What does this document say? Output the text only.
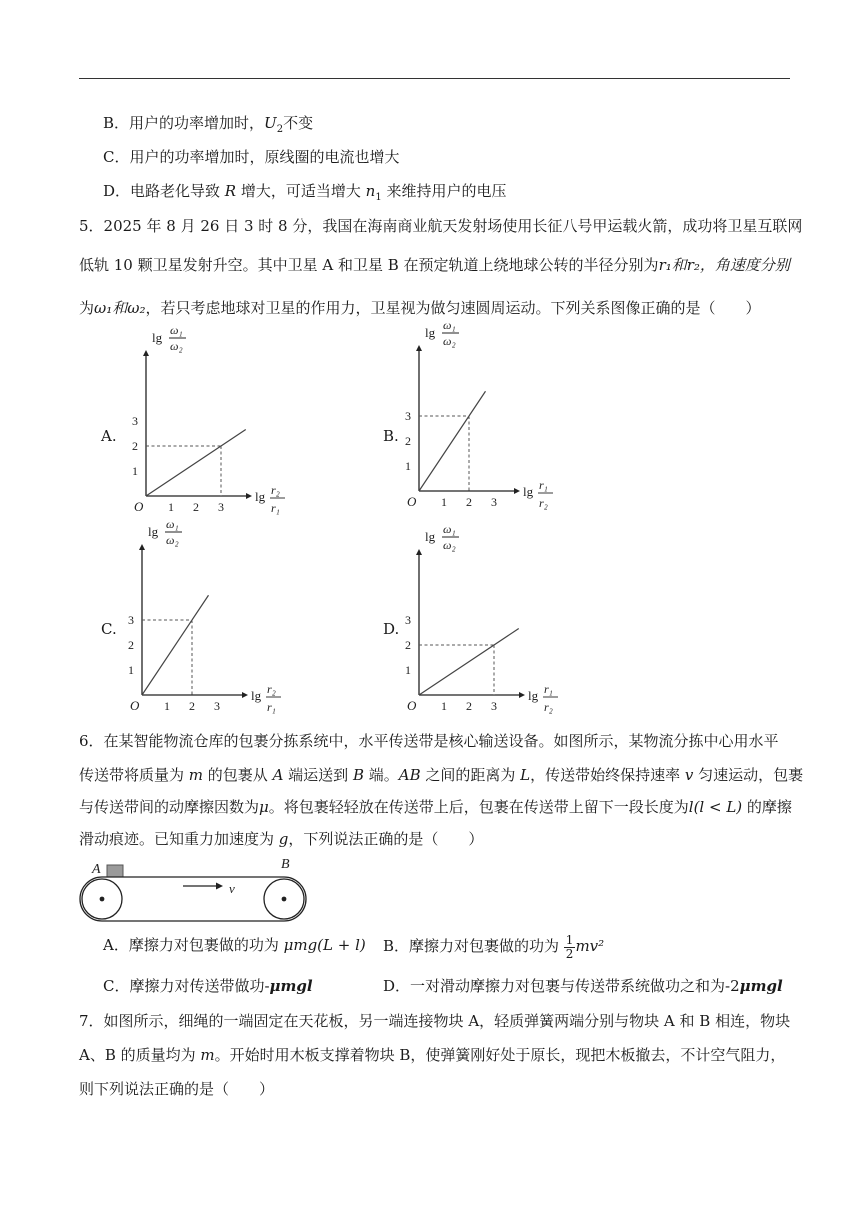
B．用户的功率增加时，$U_2$不变
C．用户的功率增加时，原线圈的电流也增大
D．电路老化导致 R 增大，可适当增大 $n_1$ 来维持用户的电压
5．2025 年 8 月 26 日 3 时 8 分，我国在海南商业航天发射场使用长征八号甲运载火箭，成功将卫星互联网
低轨 10 颗卫星发射升空。其中卫星 A 和卫星 B 在预定轨道上绕地球公转的半径分别为r₁和r₂，角速度分别
为ω₁和ω₂，若只考虑地球对卫星的作用力，卫星视为做匀速圆周运动。下列关系图像正确的是（　　）
A.	B.
C.	D.
O 1 2 3
1
2
3
lg ω₁
ω₂
lg r₂
r₁	O 1 2 3
1
2
3
lg ω₁
ω₂
lg r₁
r₂
O 1 2 3
1
2
3
lg ω₁
ω₂
lg r₂
r₁	O 1 2 3
1
2
3
lg ω₁
ω₂
lg r₁
r₂
6．在某智能物流仓库的包裹分拣系统中，水平传送带是核心输送设备。如图所示，某物流分拣中心用水平
传送带将质量为 m 的包裹从 A 端运送到 B 端。AB 之间的距离为 L，传送带始终保持速率 v 匀速运动，包裹
与传送带间的动摩擦因数为μ。将包裹轻轻放在传送带上后，包裹在传送带上留下一段长度为l(l < L) 的摩擦
滑动痕迹。已知重力加速度为 g，下列说法正确的是（　　）
A	B
v
A．摩擦力对包裹做的功为 μmg(L + l) B．摩擦力对包裹做的功为 $\frac{1}{2} mv^2$
C．摩擦力对传送带做功-μmgl	D．一对滑动摩擦力对包裹与传送带系统做功之和为-2μmgl
7．如图所示，细绳的一端固定在天花板，另一端连接物块 A，轻质弹簧两端分别与物块 A 和 B 相连，物块
A、B 的质量均为 m。开始时用木板支撑着物块 B，使弹簧刚好处于原长，现把木板撤去，不计空气阻力，
则下列说法正确的是（　　）
